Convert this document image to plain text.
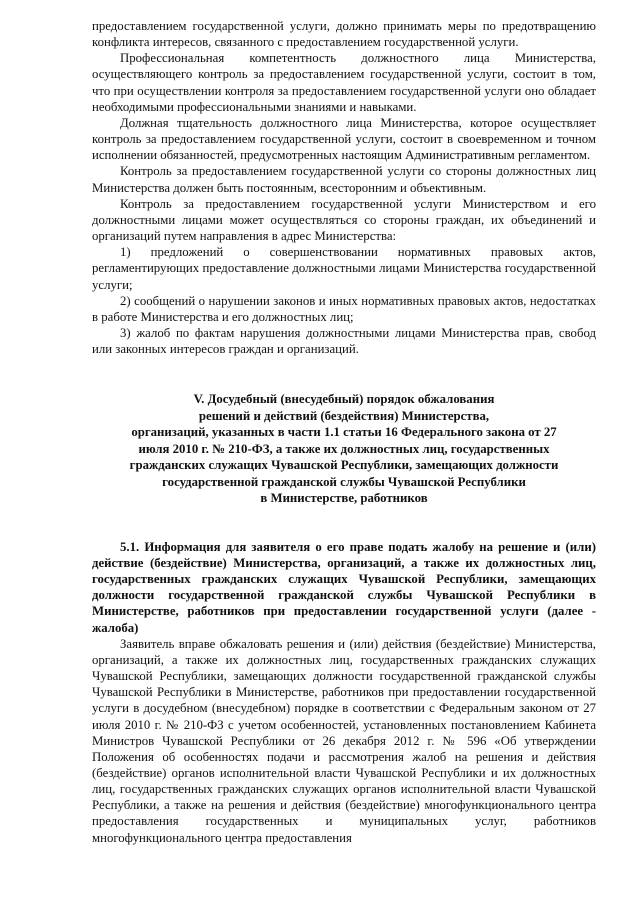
предоставлением государственной услуги, должно принимать меры по предотвращению конфликта интересов, связанного с предоставлением государственной услуги.

Профессиональная компетентность должностного лица Министерства, осуществляющего контроль за предоставлением государственной услуги, состоит в том, что при осуществлении контроля за предоставлением государственной услуги оно обладает необходимыми профессиональными знаниями и навыками.

Должная тщательность должностного лица Министерства, которое осуществляет контроль за предоставлением государственной услуги, состоит в своевременном и точном исполнении обязанностей, предусмотренных настоящим Административным регламентом.

Контроль за предоставлением государственной услуги со стороны должностных лиц Министерства должен быть постоянным, всесторонним и объективным.

Контроль за предоставлением государственной услуги Министерством и его должностными лицами может осуществляться со стороны граждан, их объединений и организаций путем направления в адрес Министерства:

1) предложений о совершенствовании нормативных правовых актов, регламентирующих предоставление должностными лицами Министерства государственной услуги;

2) сообщений о нарушении законов и иных нормативных правовых актов, недостатках в работе Министерства и его должностных лиц;

3) жалоб по фактам нарушения должностными лицами Министерства прав, свобод или законных интересов граждан и организаций.

V. Досудебный (внесудебный) порядок обжалования
решений и действий (бездействия) Министерства,
организаций, указанных в части 1.1 статьи 16 Федерального закона от 27
июля 2010 г. № 210-ФЗ, а также их должностных лиц, государственных
гражданских служащих Чувашской Республики, замещающих должности
государственной гражданской службы Чувашской Республики
в Министерстве, работников

5.1. Информация для заявителя о его праве подать жалобу на решение и (или) действие (бездействие) Министерства, организаций, а также их должностных лиц, государственных гражданских служащих Чувашской Республики, замещающих должности государственной гражданской службы Чувашской Республики в Министерстве, работников при предоставлении государственной услуги (далее - жалоба)

Заявитель вправе обжаловать решения и (или) действия (бездействие) Министерства, организаций, а также их должностных лиц, государственных гражданских служащих Чувашской Республики, замещающих должности государственной гражданской службы Чувашской Республики в Министерстве, работников при предоставлении государственной услуги в досудебном (внесудебном) порядке в соответствии с Федеральным законом от 27 июля 2010 г. № 210-ФЗ с учетом особенностей, установленных постановлением Кабинета Министров Чувашской Республики от 26 декабря 2012 г. № 596 «Об утверждении Положения об особенностях подачи и рассмотрения жалоб на решения и действия (бездействие) органов исполнительной власти Чувашской Республики и их должностных лиц, государственных гражданских служащих органов исполнительной власти Чувашской Республики, а также на решения и действия (бездействие) многофункционального центра предоставления государственных и муниципальных услуг, работников многофункционального центра предоставления
